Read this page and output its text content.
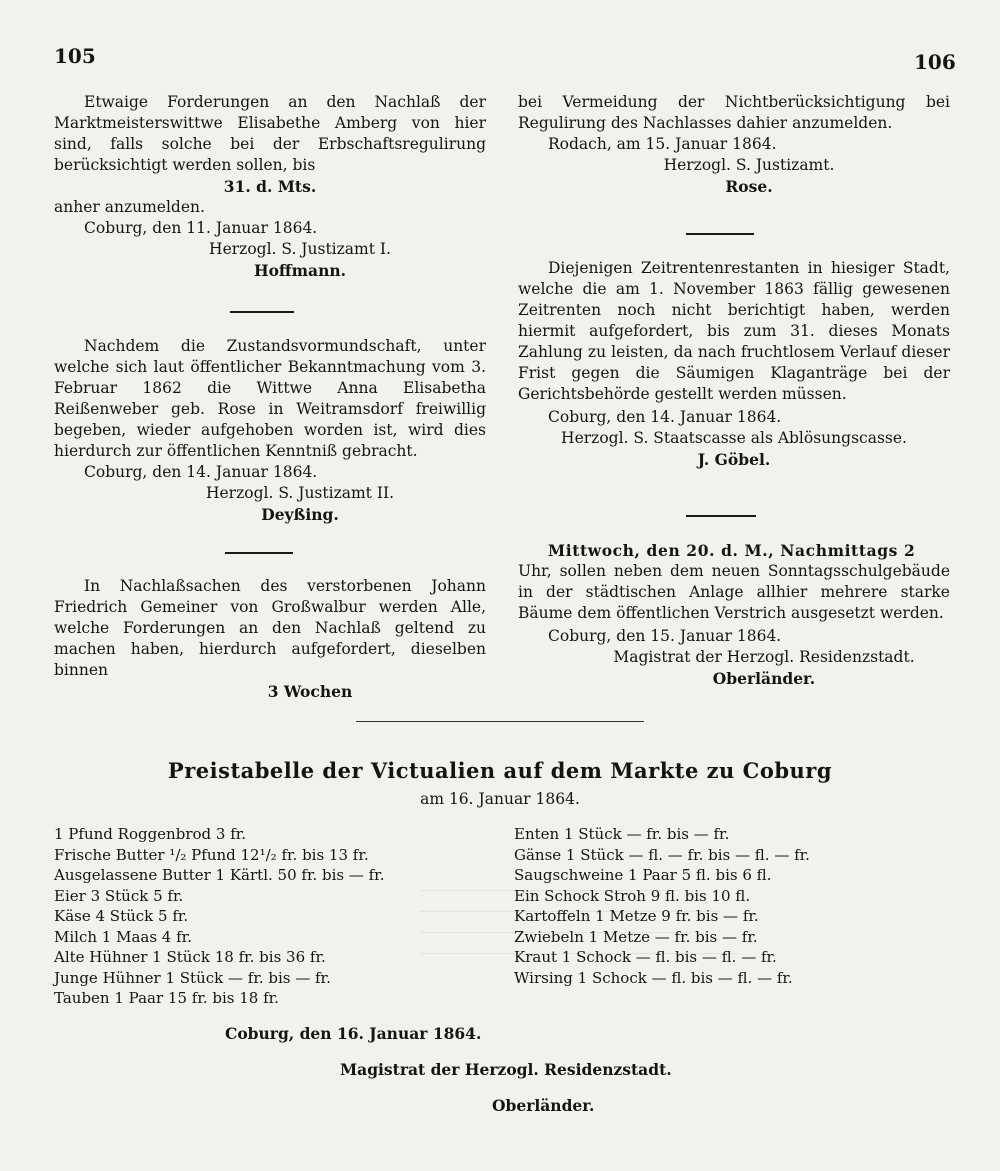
105	106

Etwaige Forderungen an den Nachlaß der Marktmeisterswittwe Elisabethe Amberg von hier sind, falls solche bei der Erbschaftsregulirung berücksichtigt werden sollen, bis

31. d. Mts.

anher anzumelden.

Coburg, den 11. Januar 1864.

Herzogl. S. Justizamt I.

Hoffmann.

Nachdem die Zustandsvormundschaft, unter welche sich laut öffentlicher Bekanntmachung vom 3. Februar 1862 die Wittwe Anna Elisabetha Reißenweber geb. Rose in Weitramsdorf freiwillig begeben, wieder aufgehoben worden ist, wird dies hierdurch zur öffentlichen Kenntniß gebracht.

Coburg, den 14. Januar 1864.

Herzogl. S. Justizamt II.

Deyßing.

In Nachlaßsachen des verstorbenen Johann Friedrich Gemeiner von Großwalbur werden Alle, welche Forderungen an den Nachlaß geltend zu machen haben, hierdurch aufgefordert, dieselben binnen

3 Wochen

bei Vermeidung der Nichtberücksichtigung bei Regulirung des Nachlasses dahier anzumelden.

Rodach, am 15. Januar 1864.

Herzogl. S. Justizamt.

Rose.

Diejenigen Zeitrentenrestanten in hiesiger Stadt, welche die am 1. November 1863 fällig gewesenen Zeitrenten noch nicht berichtigt haben, werden hiermit aufgefordert, bis zum 31. dieses Monats Zahlung zu leisten, da nach fruchtlosem Verlauf dieser Frist gegen die Säumigen Klaganträge bei der Gerichtsbehörde gestellt werden müssen.

Coburg, den 14. Januar 1864.

Herzogl. S. Staatscasse als Ablösungscasse.

J. Göbel.

Mittwoch, den 20. d. M., Nachmittags 2

Uhr, sollen neben dem neuen Sonntagsschulgebäude in der städtischen Anlage allhier mehrere starke Bäume dem öffentlichen Verstrich ausgesetzt werden.

Coburg, den 15. Januar 1864.

Magistrat der Herzogl. Residenzstadt.

Oberländer.

Preistabelle der Victualien auf dem Markte zu Coburg
am 16. Januar 1864.
1 Pfund Roggenbrod 3 fr.
Frische Butter ¹/₂ Pfund 12¹/₂ fr. bis 13 fr.
Ausgelassene Butter 1 Kärtl. 50 fr. bis — fr.
Eier 3 Stück 5 fr.
Käse 4 Stück 5 fr.
Milch 1 Maas 4 fr.
Alte Hühner 1 Stück 18 fr. bis 36 fr.
Junge Hühner 1 Stück — fr. bis — fr.
Tauben 1 Paar 15 fr. bis 18 fr.
Enten 1 Stück — fr. bis — fr.
Gänse 1 Stück — fl. — fr. bis — fl. — fr.
Saugschweine 1 Paar 5 fl. bis 6 fl.
Ein Schock Stroh 9 fl. bis 10 fl.
Kartoffeln 1 Metze 9 fr. bis — fr.
Zwiebeln 1 Metze — fr. bis — fr.
Kraut 1 Schock — fl. bis — fl. — fr.
Wirsing 1 Schock — fl. bis — fl. — fr.
Coburg, den 16. Januar 1864.
Magistrat der Herzogl. Residenzstadt.
Oberländer.
